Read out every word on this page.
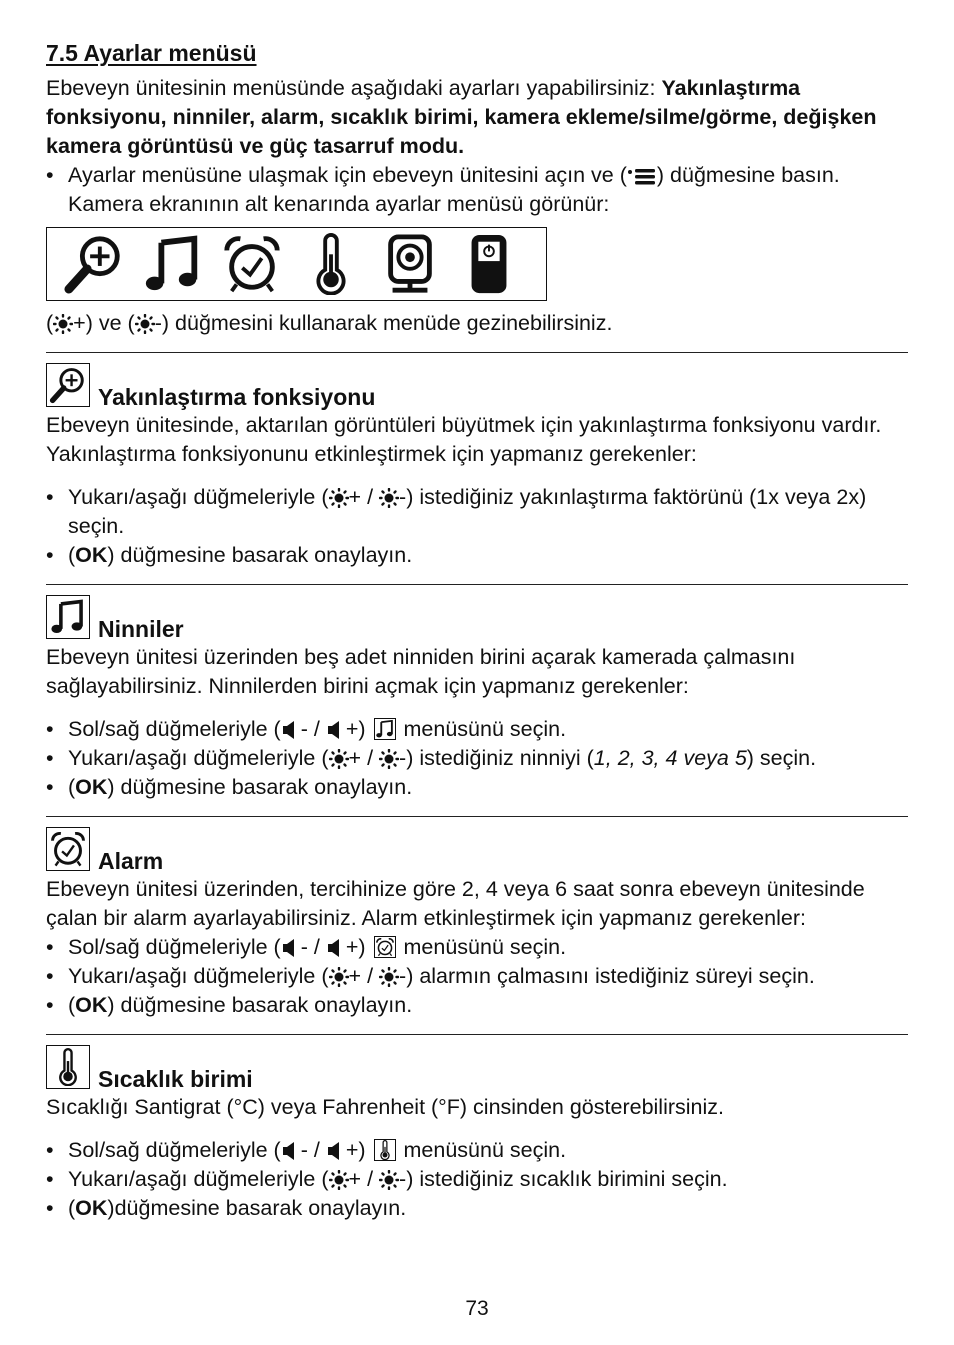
7.5 Ayarlar menüsü

Ebeveyn ünitesinin menüsünde aşağıdaki ayarları yapabilirsiniz: Yakınlaştırma fonksiyonu, ninniler, alarm, sıcaklık birimi, kamera ekleme/silme/görme, değişken kamera görüntüsü ve güç tasarruf modu.

• Ayarlar menüsüne ulaşmak için ebeveyn ünitesini açın ve ( ) düğmesine basın. Kamera ekranının alt kenarında ayarlar menüsü görünür:

( +) ve ( -) düğmesini kullanarak menüde gezinebilirsiniz.

Yakınlaştırma fonksiyonu

Ebeveyn ünitesinde, aktarılan görüntüleri büyütmek için yakınlaştırma fonksiyonu vardır. Yakınlaştırma fonksiyonunu etkinleştirmek için yapmanız gerekenler:

• Yukarı/aşağı düğmeleriyle ( + / -) istediğiniz yakınlaştırma faktörünü (1x veya 2x) seçin.
• (OK) düğmesine basarak onaylayın.
Ninniler

Ebeveyn ünitesi üzerinden beş adet ninniden birini açarak kamerada çalmasını sağlayabilirsiniz. Ninnilerden birini açmak için yapmanız gerekenler:

• Sol/sağ düğmeleriyle ( - / +) menüsünü seçin.
• Yukarı/aşağı düğmeleriyle ( + / -) istediğiniz ninniyi (1, 2, 3, 4 veya 5) seçin.
• (OK) düğmesine basarak onaylayın.
Alarm

Ebeveyn ünitesi üzerinden, tercihinize göre 2, 4 veya 6 saat sonra ebeveyn ünitesinde çalan bir alarm ayarlayabilirsiniz. Alarm etkinleştirmek için yapmanız gerekenler:

• Sol/sağ düğmeleriyle ( - / +) menüsünü seçin.
• Yukarı/aşağı düğmeleriyle ( + / -) alarmın çalmasını istediğiniz süreyi seçin.
• (OK) düğmesine basarak onaylayın.
Sıcaklık birimi

Sıcaklığı Santigrat (°C) veya Fahrenheit (°F) cinsinden gösterebilirsiniz.

• Sol/sağ düğmeleriyle ( - / +) menüsünü seçin.
• Yukarı/aşağı düğmeleriyle ( + / -) istediğiniz sıcaklık birimini seçin.
• (OK)düğmesine basarak onaylayın.
73
